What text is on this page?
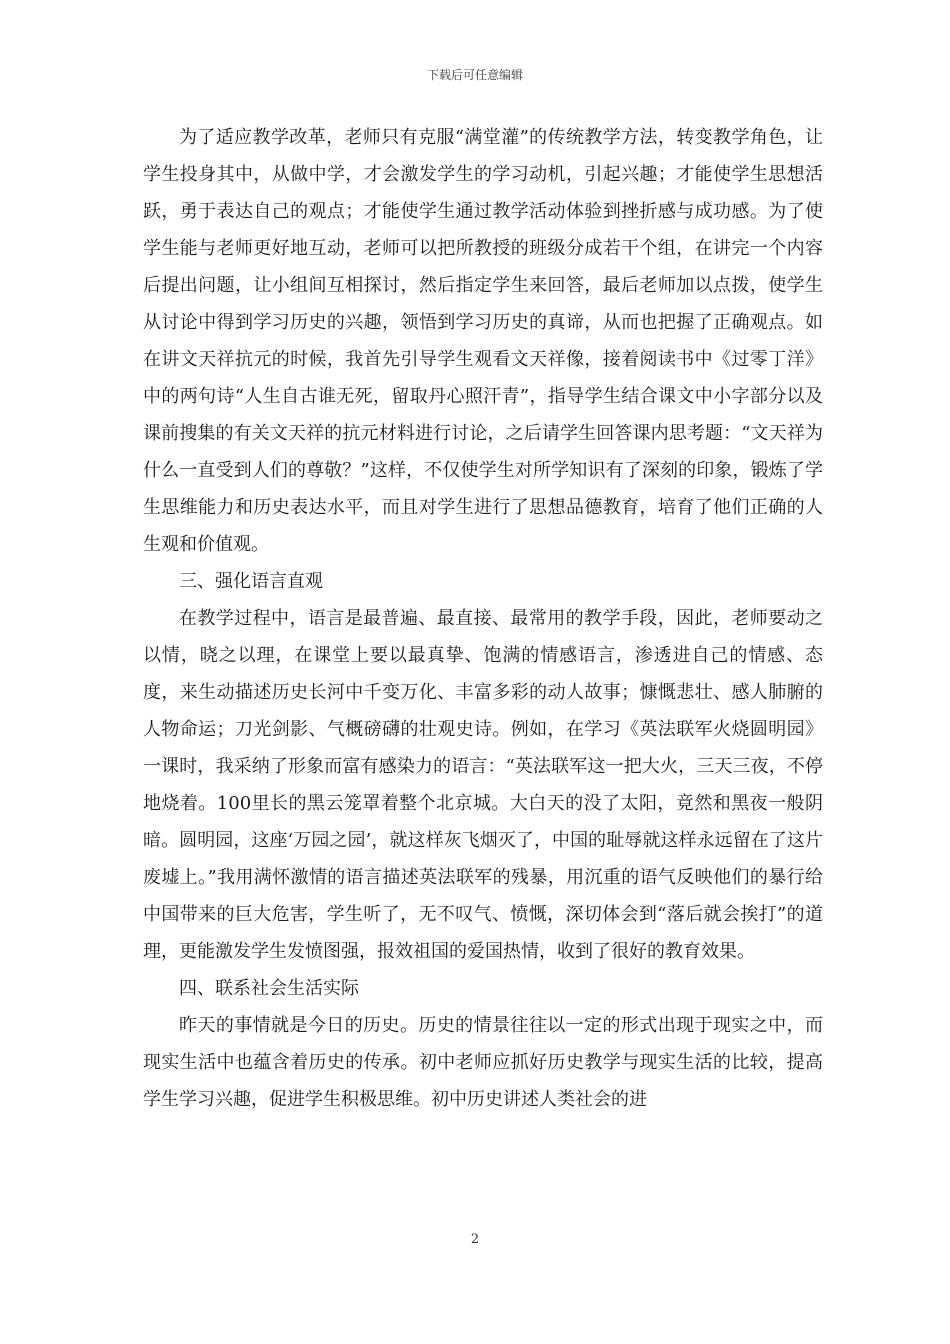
下载后可任意编辑

为了适应教学改革，老师只有克服“满堂灌”的传统教学方法，转变教学角色，让学生投身其中，从做中学，才会激发学生的学习动机，引起兴趣；才能使学生思想活跃，勇于表达自己的观点；才能使学生通过教学活动体验到挫折感与成功感。为了使学生能与老师更好地互动，老师可以把所教授的班级分成若干个组，在讲完一个内容后提出问题，让小组间互相探讨，然后指定学生来回答，最后老师加以点拨，使学生从讨论中得到学习历史的兴趣，领悟到学习历史的真谛，从而也把握了正确观点。如在讲文天祥抗元的时候，我首先引导学生观看文天祥像，接着阅读书中《过零丁洋》中的两句诗“人生自古谁无死，留取丹心照汗青”，指导学生结合课文中小字部分以及课前搜集的有关文天祥的抗元材料进行讨论，之后请学生回答课内思考题：“文天祥为什么一直受到人们的尊敬？”这样，不仅使学生对所学知识有了深刻的印象，锻炼了学生思维能力和历史表达水平，而且对学生进行了思想品德教育，培育了他们正确的人生观和价值观。

三、强化语言直观

在教学过程中，语言是最普遍、最直接、最常用的教学手段，因此，老师要动之以情，晓之以理，在课堂上要以最真挚、饱满的情感语言，渗透进自己的情感、态度，来生动描述历史长河中千变万化、丰富多彩的动人故事；慷慨悲壮、感人肺腑的人物命运；刀光剑影、气概磅礴的壮观史诗。例如，在学习《英法联军火烧圆明园》一课时，我采纳了形象而富有感染力的语言：“英法联军这一把大火，三天三夜，不停地烧着。100里长的黑云笼罩着整个北京城。大白天的没了太阳，竟然和黑夜一般阴暗。圆明园，这座‘万园之园’，就这样灰飞烟灭了，中国的耻辱就这样永远留在了这片废墟上。”我用满怀激情的语言描述英法联军的残暴，用沉重的语气反映他们的暴行给中国带来的巨大危害，学生听了，无不叹气、愤慨，深切体会到“落后就会挨打”的道理，更能激发学生发愤图强，报效祖国的爱国热情，收到了很好的教育效果。

四、联系社会生活实际

昨天的事情就是今日的历史。历史的情景往往以一定的形式出现于现实之中，而现实生活中也蕴含着历史的传承。初中老师应抓好历史教学与现实生活的比较，提高学生学习兴趣，促进学生积极思维。初中历史讲述人类社会的进

2
